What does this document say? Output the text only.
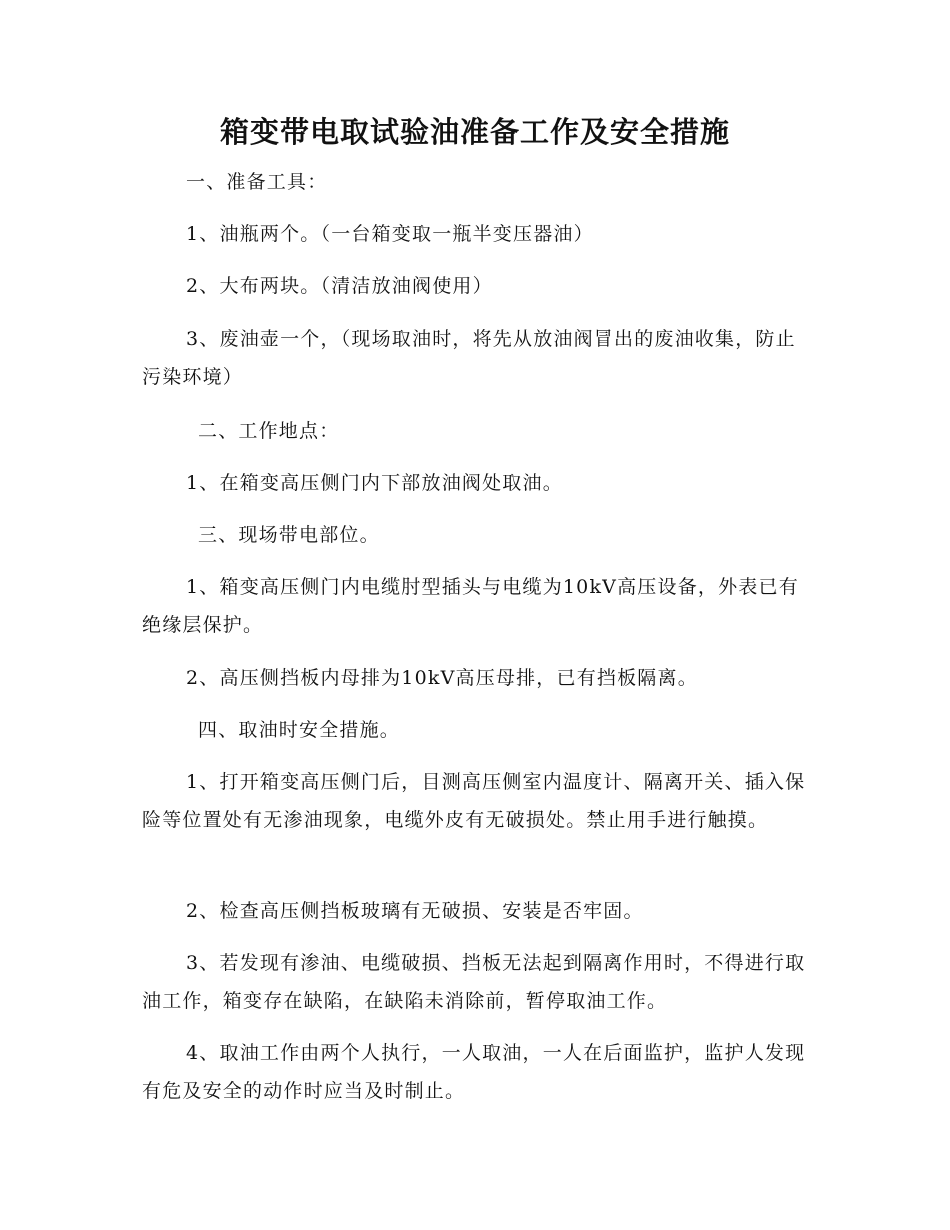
箱变带电取试验油准备工作及安全措施

一、准备工具：

1、油瓶两个。（一台箱变取一瓶半变压器油）

2、大布两块。（清洁放油阀使用）

3、废油壶一个，（现场取油时，将先从放油阀冒出的废油收集，防止污染环境）

二、工作地点：

1、在箱变高压侧门内下部放油阀处取油。

三、现场带电部位。

1、箱变高压侧门内电缆肘型插头与电缆为10kV高压设备，外表已有绝缘层保护。

2、高压侧挡板内母排为10kV高压母排，已有挡板隔离。

四、取油时安全措施。

1、打开箱变高压侧门后，目测高压侧室内温度计、隔离开关、插入保险等位置处有无渗油现象，电缆外皮有无破损处。禁止用手进行触摸。

2、检查高压侧挡板玻璃有无破损、安装是否牢固。

3、若发现有渗油、电缆破损、挡板无法起到隔离作用时，不得进行取油工作，箱变存在缺陷，在缺陷未消除前，暂停取油工作。

4、取油工作由两个人执行，一人取油，一人在后面监护，监护人发现有危及安全的动作时应当及时制止。
